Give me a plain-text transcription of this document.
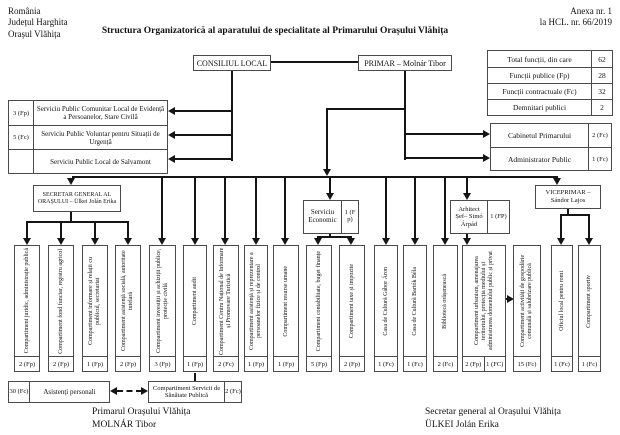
România
Județul Harghita
Orașul Vlăhița
Anexa nr. 1
la HCL. nr. 66/2019
Structura Organizatorică al aparatului de specialitate al Primarului Orașului Vlăhița
CONSILIUL LOCAL	PRIMAR – Molnár Tibor	Total funcții, din care	62
Funcții publice (Fp)	28
Funcții contractuale (Fc)	32
Demnitari publici	2
3 (Fp)	Serviciu Public Comunitar Local de Evidență a Persoanelor, Stare Civilă
5 (Fc)	Serviciu Public Voluntar pentru Situații de Urgență
Serviciu Public Local de Salvamont
Cabinetul Primarului	2 (Fc)
Administrator Public	1 (Fc)
SECRETAR GENERAL AL ORAȘULUI – Ülkei Jolán Erika
Serviciu Economic
1 (Fp)
Arhitect Șef– Simó Árpád
1 (FP)
VICEPRIMAR – Sándor Lajos
Compartiment juridic, administrație publică
2 (Fp)
Compartiment fond funciar, registru agricol
2 (Fp)
Compartiment informare și relații cu publicul, secretariat
1 (Fp)
Compartiment asistență socială, autoritate tutelară
2 (Fp)
Compartiment investiții și achiziții publice, protecție civilă
3 (Fp)
Compartiment audit
1 (Fp)
Compartiment Centru Național de Informare și Promovare Turistică
2 (Fc)
Compartiment asistență și reprezentare a persoanelor fizice și de control
1 (Fp)
Compartiment resurse umane
1 (Fp)
Compartiment contabilitate, buget finanțe
5 (Fp)
Compartiment taxe și impozite
2 (Fp)
Casa de Cultură Gábor Áron
1 (Fc)
Casa de Cultură Bartók Béla
1 (Fc)
Bibliotecă orășenească
2 (Fc)
Compartiment urbanism, amenajarea teritoriului, protecția mediului și administrarea domeniului public și privat
2 (Fp) 1 (FC)
Compartiment activități de gospodărie comunală și salubrizare publică
15 (Fc)
Oficiul local pentru romi
1 (Fc)
Compartiment sportiv
1 (Fc)
30 (Fc)	Asistenți personali	Compartiment Servicii de Sănătate Publică
2 (Fc)
Primarul Orașului Vlăhița
MOLNÁR Tibor
Secretar general al Orașului Vlăhița
ÜLKEI Jolán Erika
